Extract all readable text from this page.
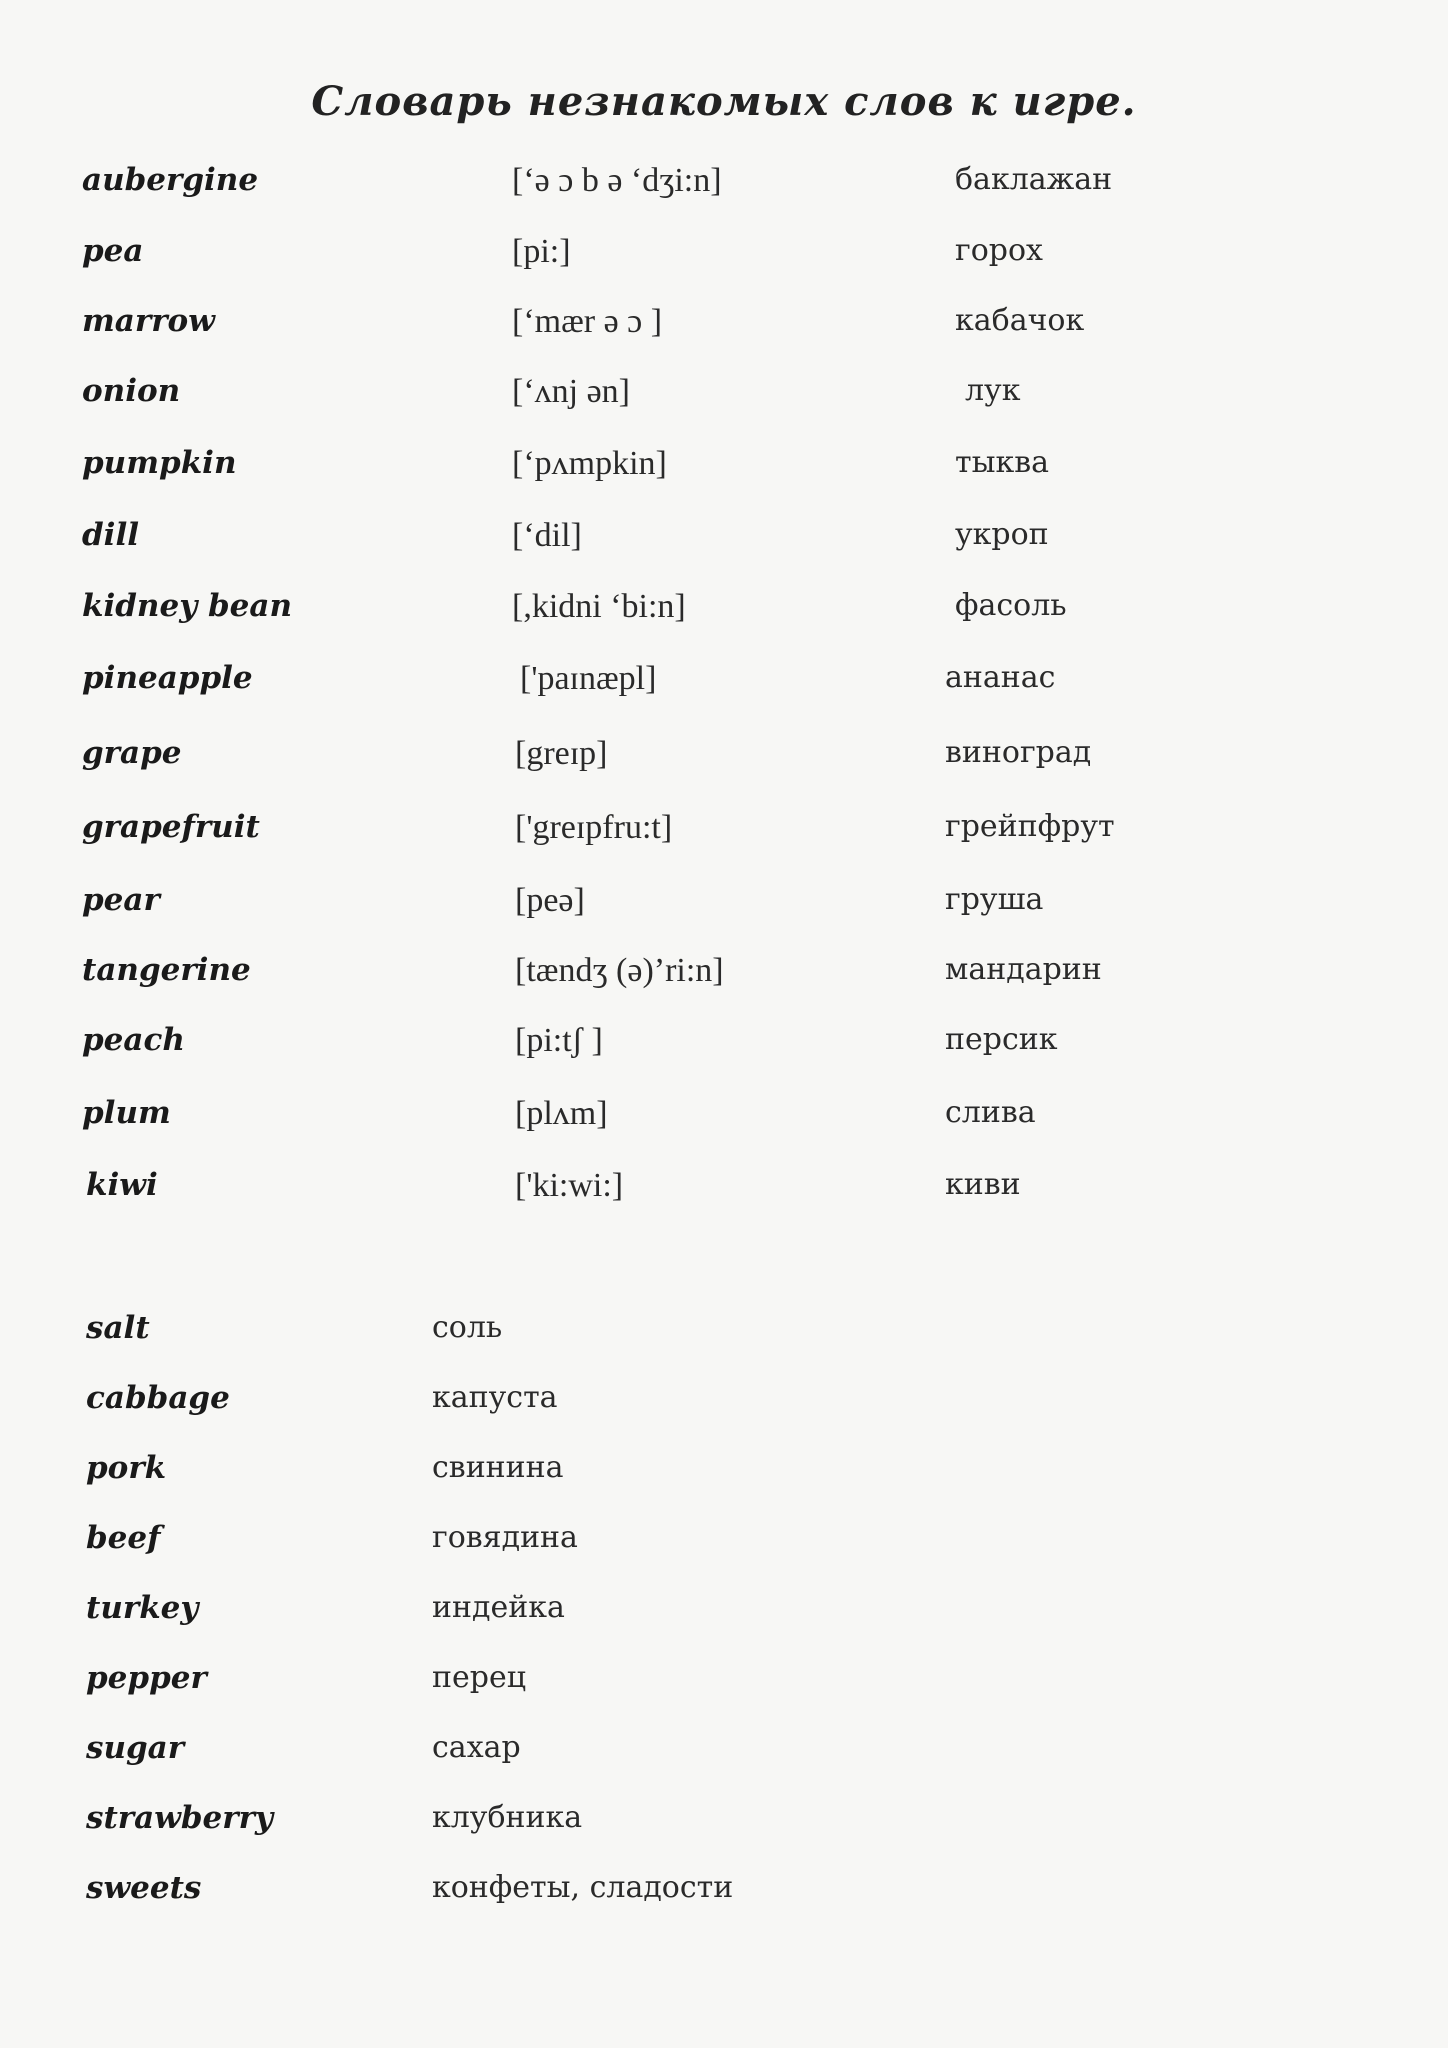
Словарь незнакомых слов к игре.
aubergine	[‘ə ɔ b ə ‘dʒi:n]	баклажан
pea	[pi:]	горох
marrow	[‘mær ə ɔ ]	кабачок
onion	[‘ʌnj ən]	лук
pumpkin	[‘pʌmpkin]	тыква
dill	[‘dil]	укроп
kidney bean	[,kidni ‘bi:n]	фасоль
pineapple	['paɪnæpl]	ананас
grape	[greɪp]	виноград
grapefruit	['greɪpfru:t]	грейпфрут
pear	[peə]	груша
tangerine	[tændʒ (ə)’ri:n]	мандарин
peach	[pi:tʃ ]	персик
plum	[plʌm]	слива
kiwi	['ki:wi:]	киви
salt	соль
cabbage	капуста
pork	свинина
beef	говядина
turkey	индейка
pepper	перец
sugar	сахар
strawberry	клубника
sweets	конфеты, сладости
